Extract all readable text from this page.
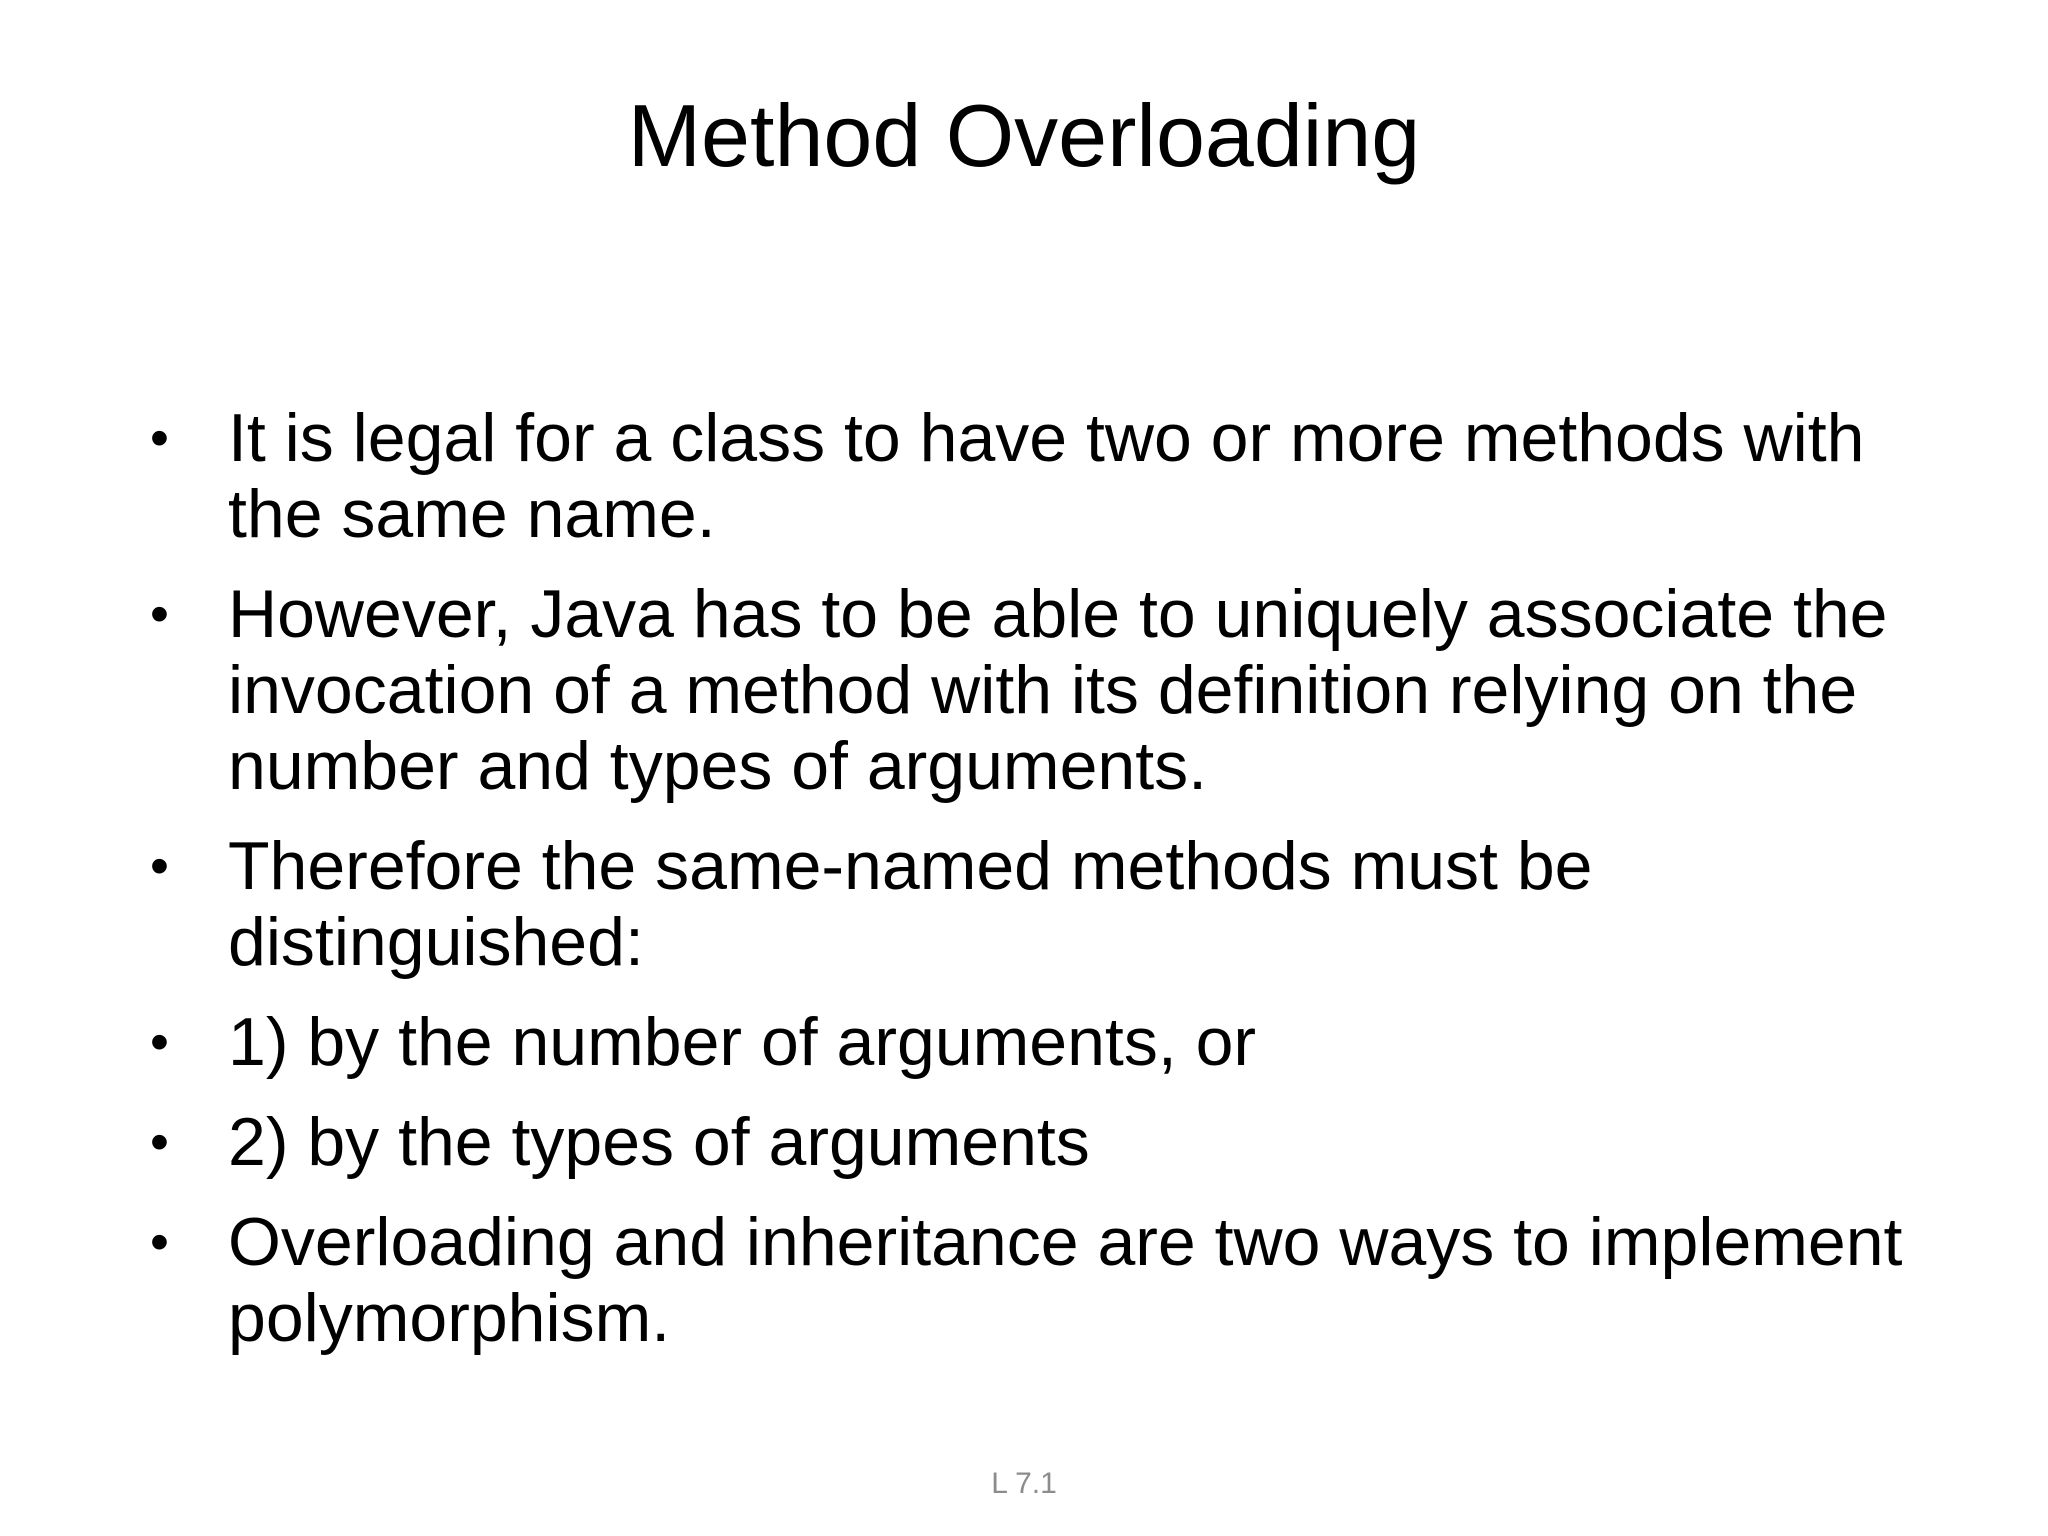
Method Overloading
• It is legal for a class to have two or more methods with the same name.
• However, Java has to be able to uniquely associate the invocation of a method with its definition relying on the number and types of arguments.
• Therefore the same-named methods must be distinguished:
• 1) by the number of arguments, or
• 2) by the types of arguments
• Overloading and inheritance are two ways to implement polymorphism.
L 7.1
